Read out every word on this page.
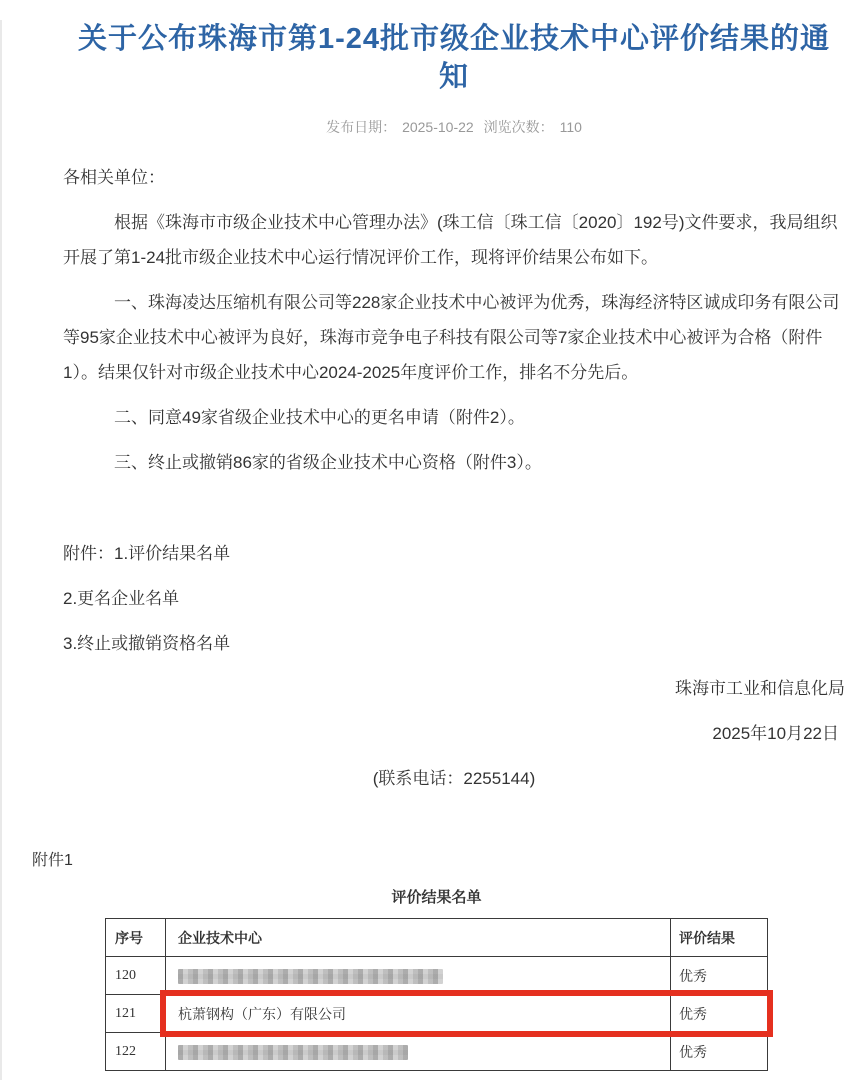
关于公布珠海市第1-24批市级企业技术中心评价结果的通知
发布日期： 2025-10-22 浏览次数： 110

各相关单位：

根据《珠海市市级企业技术中心管理办法》(珠工信〔珠工信〔2020〕192号)文件要求，我局组织开展了第1-24批市级企业技术中心运行情况评价工作，现将评价结果公布如下。

一、珠海凌达压缩机有限公司等228家企业技术中心被评为优秀，珠海经济特区诚成印务有限公司等95家企业技术中心被评为良好，珠海市竞争电子科技有限公司等7家企业技术中心被评为合格（附件1）。结果仅针对市级企业技术中心2024-2025年度评价工作，排名不分先后。

二、同意49家省级企业技术中心的更名申请（附件2）。

三、终止或撤销86家的省级企业技术中心资格（附件3）。

附件：1.评价结果名单

2.更名企业名单

3.终止或撤销资格名单

珠海市工业和信息化局

2025年10月22日

(联系电话：2255144)

附件1
评价结果名单
序号	企业技术中心	评价结果
120		优秀
121	杭萧钢构（广东）有限公司	优秀
122		优秀
